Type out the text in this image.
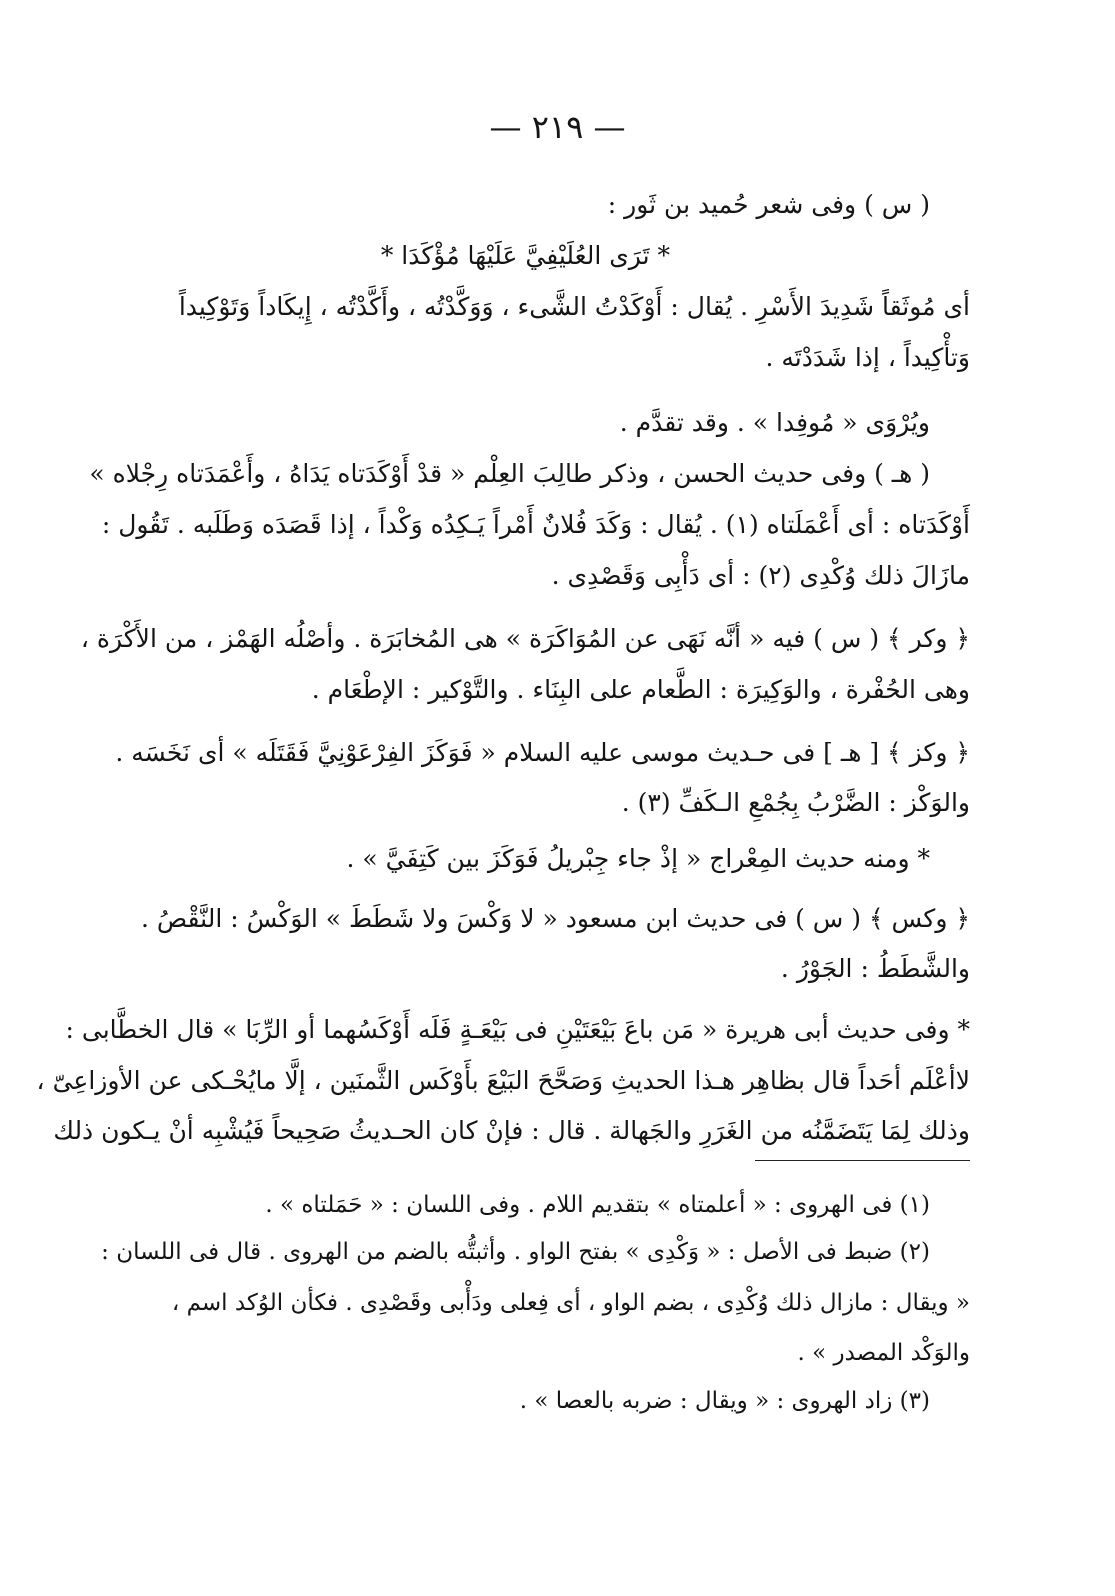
— ٢١٩ —
( س ) وفى شعر حُميد بن ثَور :
* تَرَى العُلَيْفِيَّ عَلَيْهَا مُؤْكَدَا *
أى مُوثَقاً شَدِيدَ الأَسْرِ . يُقال : أَوْكَدْتُ الشَّىء ، وَوَكَّدْتُه ، وأَكَّدْتُه ، إِيكَاداً وَتَوْكِيداً
وَتأْكِيداً ، إذا شَدَدْتَه .
ويُرْوَى « مُوفِدا » . وقد تقدَّم .
( هـ ) وفى حديث الحسن ، وذكر طالِبَ العِلْم « قدْ أَوْكَدَتاه يَدَاهُ ، وأَعْمَدَتاه رِجْلاه »
أَوْكَدَتاه : أى أَعْمَلَتاه (١) . يُقال : وَكَدَ فُلانٌ أَمْراً يَـكِدُه وَكْداً ، إذا قَصَدَه وَطَلَبه . تَقُول :
مازَالَ ذلك وُكْدِى (٢) : أى دَأْبِى وَقَصْدِى .
﴿ وكر ﴾ ( س ) فيه « أنَّه نَهَى عن المُوَاكَرَة » هى المُخابَرَة . وأصْلُه الهَمْز ، من الأَكْرَة ،
وهى الحُفْرة ، والوَكِيرَة : الطَّعام على البِنَاء . والتَّوْكير : الإطْعَام .
﴿ وكز ﴾ [ هـ ] فى حـديث موسى عليه السلام « فَوَكَزَ الفِرْعَوْنِيَّ فَقَتَلَه » أى نَخَسَه .
والوَكْز : الضَّرْبُ بِجُمْعِ الـكَفِّ (٣) .
* ومنه حديث المِعْراج « إذْ جاء جِبْريلُ فَوَكَزَ بين كَتِفَيَّ » .
﴿ وكس ﴾ ( س ) فى حديث ابن مسعود « لا وَكْسَ ولا شَطَطَ » الوَكْسُ : النَّقْصُ .
والشَّطَطُ : الجَوْرُ .
* وفى حديث أبى هريرة « مَن باعَ بَيْعَتَيْنِ فى بَيْعَـةٍ فَلَه أَوْكَسُهما أو الرِّبَا » قال الخطَّابى :
لاأعْلَم أحَداً قال بظاهِر هـذا الحديثِ وَصَحَّحَ البَيْعَ بأَوْكَس الثَّمنَين ، إلَّا مايُحْـكى عن الأوزاعِىّ ،
وذلك لِمَا يَتَضَمَّنُه من الغَرَرِ والجَهالة . قال : فإنْ كان الحـديثُ صَحِيحاً فَيُشْبِه أنْ يـكون ذلك
(١) فى الهروى : « أعلمتاه » بتقديم اللام . وفى اللسان : « حَمَلتاه » .
(٢) ضبط فى الأصل : « وَكْدِى » بفتح الواو . وأثبتُّه بالضم من الهروى . قال فى اللسان :
« ويقال : مازال ذلك وُكْدِى ، بضم الواو ، أى فِعلى ودَأْبى وقَصْدِى . فكأن الوُكد اسم ،
والوَكْد المصدر » .
(٣) زاد الهروى : « ويقال : ضربه بالعصا » .
